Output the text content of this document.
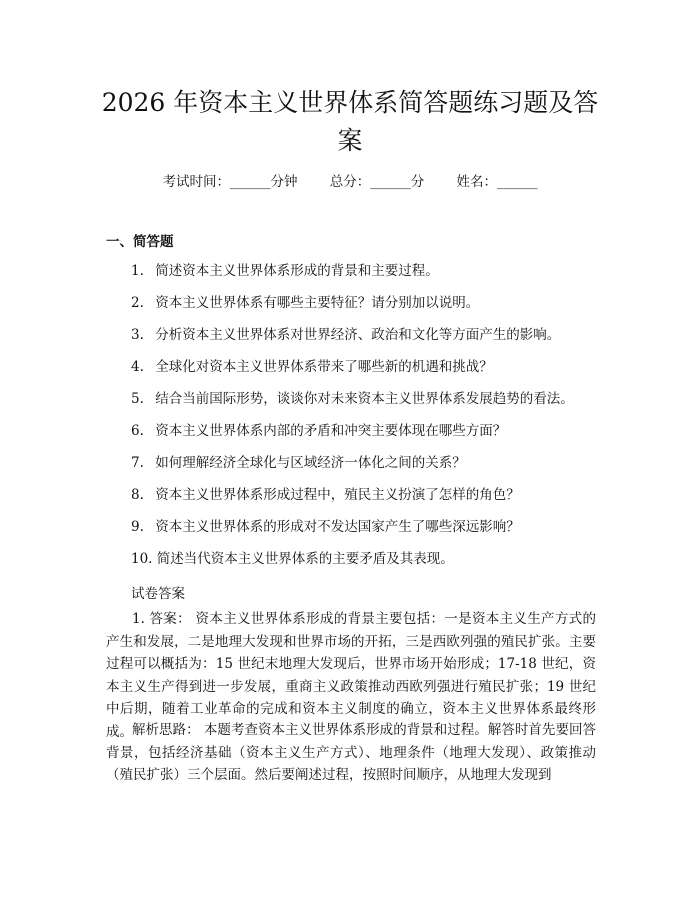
2026 年资本主义世界体系简答题练习题及答案
考试时间：______分钟 总分：______分 姓名：______
一、简答题
1. 简述资本主义世界体系形成的背景和主要过程。
2. 资本主义世界体系有哪些主要特征？请分别加以说明。
3. 分析资本主义世界体系对世界经济、政治和文化等方面产生的影响。
4. 全球化对资本主义世界体系带来了哪些新的机遇和挑战？
5. 结合当前国际形势，谈谈你对未来资本主义世界体系发展趋势的看法。
6. 资本主义世界体系内部的矛盾和冲突主要体现在哪些方面？
7. 如何理解经济全球化与区域经济一体化之间的关系？
8. 资本主义世界体系形成过程中，殖民主义扮演了怎样的角色？
9. 资本主义世界体系的形成对不发达国家产生了哪些深远影响？
10. 简述当代资本主义世界体系的主要矛盾及其表现。

试卷答案

1. 答案： 资本主义世界体系形成的背景主要包括：一是资本主义生产方式的产生和发展，二是地理大发现和世界市场的开拓，三是西欧列强的殖民扩张。主要过程可以概括为：15 世纪末地理大发现后，世界市场开始形成；17-18 世纪，资本主义生产得到进一步发展，重商主义政策推动西欧列强进行殖民扩张；19 世纪中后期，随着工业革命的完成和资本主义制度的确立，资本主义世界体系最终形成。 解析思路： 本题考查资本主义世界体系形成的背景和过程。解答时首先要回答背景，包括经济基础（资本主义生产方式）、地理条件（地理大发现）、政策推动（殖民扩张）三个层面。然后要阐述过程，按照时间顺序，从地理大发现到
